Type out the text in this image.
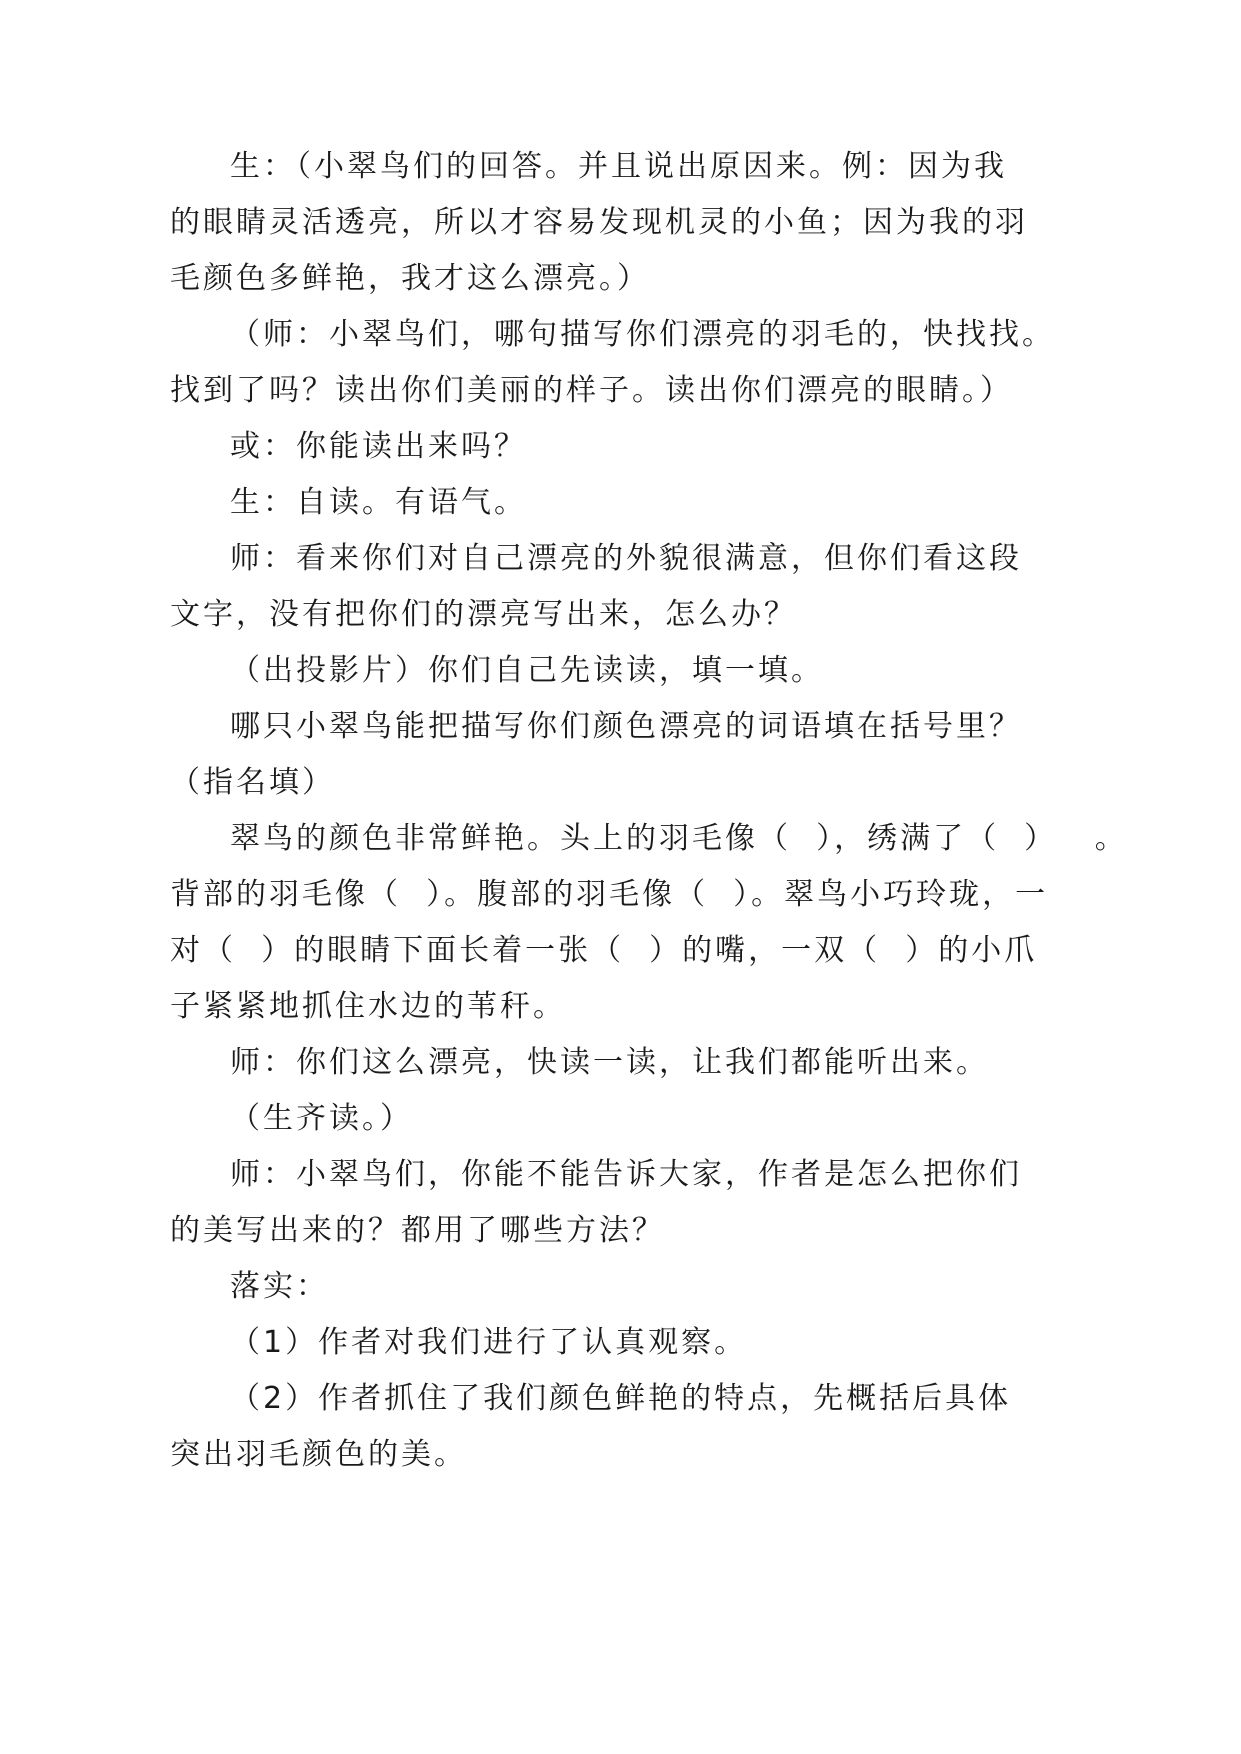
生：（小翠鸟们的回答。并且说出原因来。例：因为我
的眼睛灵活透亮，所以才容易发现机灵的小鱼；因为我的羽
毛颜色多鲜艳，我才这么漂亮。）
（师：小翠鸟们，哪句描写你们漂亮的羽毛的，快找找。
找到了吗？读出你们美丽的样子。读出你们漂亮的眼睛。）
或：你能读出来吗？
生：自读。有语气。
师：看来你们对自己漂亮的外貌很满意，但你们看这段
文字，没有把你们的漂亮写出来，怎么办？
（出投影片）你们自己先读读，填一填。
哪只小翠鸟能把描写你们颜色漂亮的词语填在括号里？
（指名填）
翠鸟的颜色非常鲜艳。头上的羽毛像（  ），绣满了（  ）   。
背部的羽毛像（  ）。腹部的羽毛像（  ）。翠鸟小巧玲珑，一
对（  ）的眼睛下面长着一张（  ）的嘴，一双（  ）的小爪
子紧紧地抓住水边的苇秆。
师：你们这么漂亮，快读一读，让我们都能听出来。
（生齐读。）
师：小翠鸟们，你能不能告诉大家，作者是怎么把你们
的美写出来的？都用了哪些方法？
落实：
（1）作者对我们进行了认真观察。
（2）作者抓住了我们颜色鲜艳的特点，先概括后具体
突出羽毛颜色的美。
